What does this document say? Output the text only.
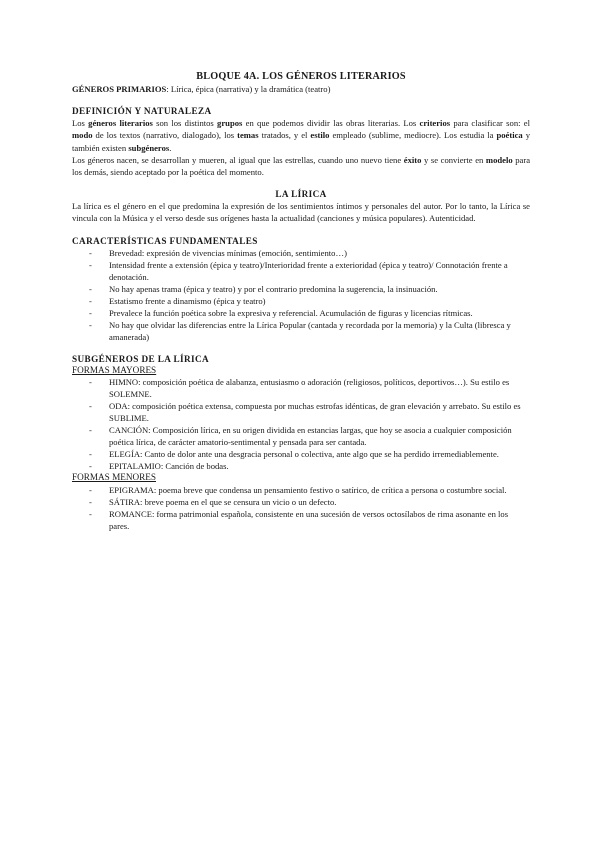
BLOQUE 4A. LOS GÉNEROS LITERARIOS

GÉNEROS PRIMARIOS: Lírica, épica (narrativa) y la dramática (teatro)

DEFINICIÓN Y NATURALEZA

Los géneros literarios son los distintos grupos en que podemos dividir las obras literarias. Los criterios para clasificar son: el modo de los textos (narrativo, dialogado), los temas tratados, y el estilo empleado (sublime, mediocre). Los estudia la poética y también existen subgéneros.

Los géneros nacen, se desarrollan y mueren, al igual que las estrellas, cuando uno nuevo tiene éxito y se convierte en modelo para los demás, siendo aceptado por la poética del momento.

LA LÍRICA

La lírica es el género en el que predomina la expresión de los sentimientos íntimos y personales del autor. Por lo tanto, la Lírica se vincula con la Música y el verso desde sus orígenes hasta la actualidad (canciones y música populares). Autenticidad.

CARACTERÍSTICAS FUNDAMENTALES

- Brevedad: expresión de vivencias mínimas (emoción, sentimiento…)
- Intensidad frente a extensión (épica y teatro)/Interioridad frente a exterioridad (épica y teatro)/ Connotación frente a denotación.
- No hay apenas trama (épica y teatro) y por el contrario predomina la sugerencia, la insinuación.
- Estatismo frente a dinamismo (épica y teatro)
- Prevalece la función poética sobre la expresiva y referencial. Acumulación de figuras y licencias rítmicas.
- No hay que olvidar las diferencias entre la Lírica Popular (cantada y recordada por la memoria) y la Culta (libresca y amanerada)

SUBGÉNEROS DE LA LÍRICA

FORMAS MAYORES

- HIMNO: composición poética de alabanza, entusiasmo o adoración (religiosos, políticos, deportivos…). Su estilo es SOLEMNE.
- ODA: composición poética extensa, compuesta por muchas estrofas idénticas, de gran elevación y arrebato. Su estilo es SUBLIME.
- CANCIÓN: Composición lírica, en su origen dividida en estancias largas, que hoy se asocia a cualquier composición poética lírica, de carácter amatorio-sentimental y pensada para ser cantada.
- ELEGÍA: Canto de dolor ante una desgracia personal o colectiva, ante algo que se ha perdido irremediablemente.
- EPITALAMIO: Canción de bodas.

FORMAS MENORES

- EPIGRAMA: poema breve que condensa un pensamiento festivo o satírico, de crítica a persona o costumbre social.
- SÁTIRA: breve poema en el que se censura un vicio o un defecto.
- ROMANCE: forma patrimonial española, consistente en una sucesión de versos octosílabos de rima asonante en los pares.
